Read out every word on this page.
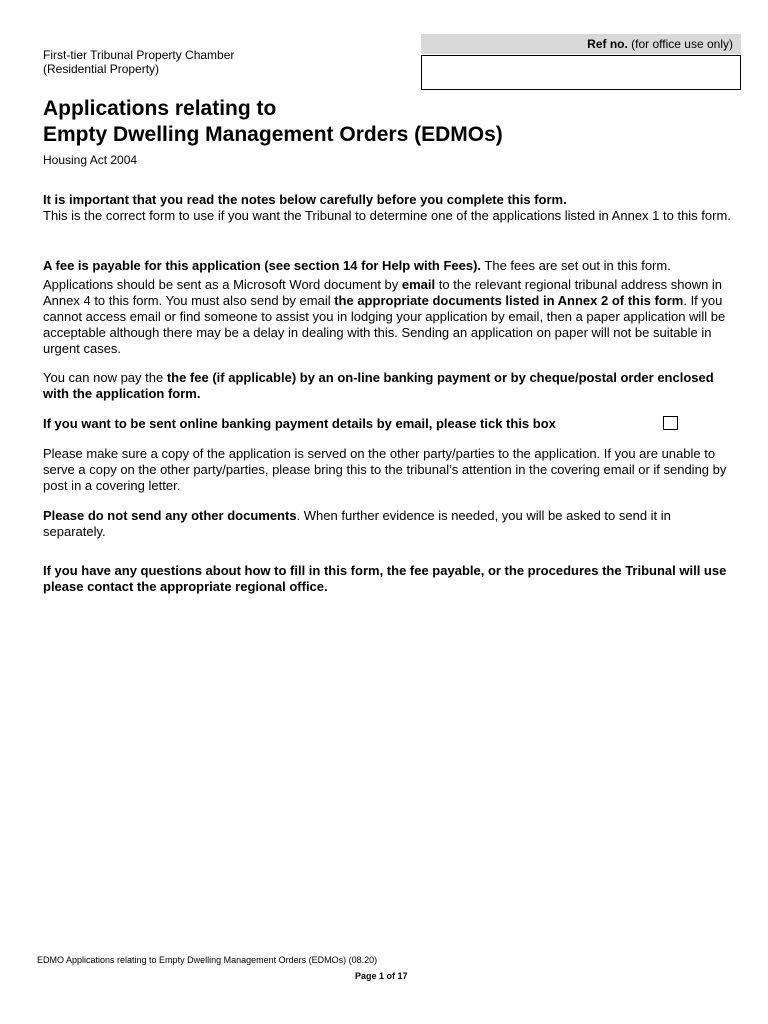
First-tier Tribunal Property Chamber
(Residential Property)
Ref no. (for office use only)
Applications relating to
Empty Dwelling Management Orders (EDMOs)
Housing Act 2004
It is important that you read the notes below carefully before you complete this form.
This is the correct form to use if you want the Tribunal to determine one of the applications listed in Annex 1 to this form.
A fee is payable for this application (see section 14 for Help with Fees). The fees are set out in this form.
Applications should be sent as a Microsoft Word document by email to the relevant regional tribunal address shown in Annex 4 to this form. You must also send by email the appropriate documents listed in Annex 2 of this form. If you cannot access email or find someone to assist you in lodging your application by email, then a paper application will be acceptable although there may be a delay in dealing with this. Sending an application on paper will not be suitable in urgent cases.
You can now pay the the fee (if applicable) by an on-line banking payment or by cheque/postal order enclosed with the application form.
If you want to be sent online banking payment details by email, please tick this box
Please make sure a copy of the application is served on the other party/parties to the application. If you are unable to serve a copy on the other party/parties, please bring this to the tribunal’s attention in the covering email or if sending by post in a covering letter.
Please do not send any other documents. When further evidence is needed, you will be asked to send it in separately.
If you have any questions about how to fill in this form, the fee payable, or the procedures the Tribunal will use please contact the appropriate regional office.
EDMO Applications relating to Empty Dwelling Management Orders (EDMOs) (08.20)
Page 1 of 17
